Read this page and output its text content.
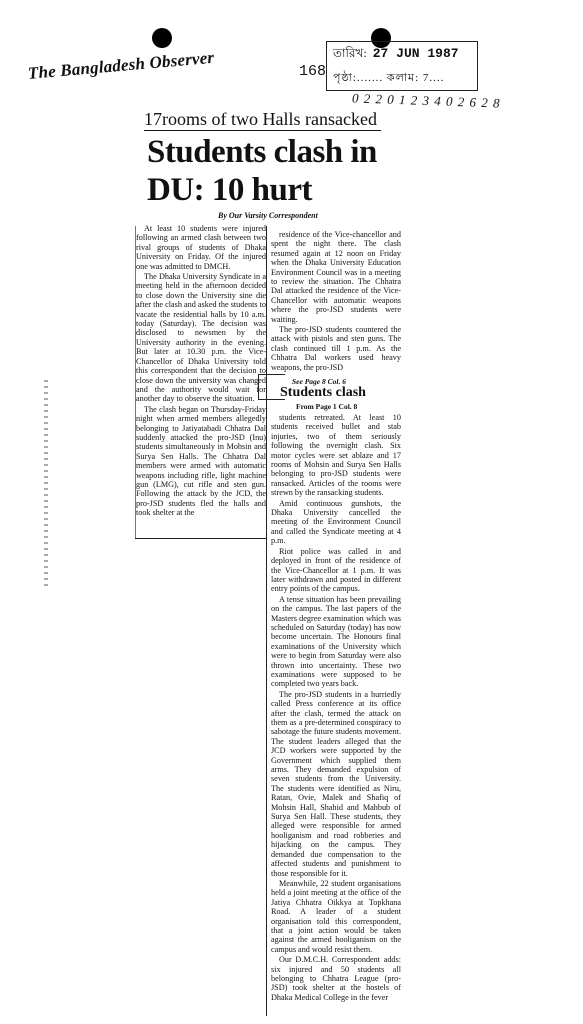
The Bangladesh Observer	168
তারিখ: 27 JUN 1987
পৃষ্ঠা:....... কলাম: 7....
0 2 2 0 1 2 3 4 0 2 6 2 8
17rooms of two Halls ransacked
Students clash in DU: 10 hurt
By Our Varsity Correspondent

At least 10 students were injured following an armed clash between two rival groups of students of Dhaka University on Friday. Of the injured one was admitted to DMCH.

The Dhaka University Syndicate in a meeting held in the afternoon decided to close down the University sine die after the clash and asked the students to vacate the residential halls by 10 a.m. today (Saturday). The decision was disclosed to newsmen by the University authority in the evening. But later at 10.30 p.m. the Vice-Chancellor of Dhaka University told this correspondent that the decision to close down the university was changed and the authority would wait for another day to observe the situation.

The clash began on Thursday-Friday night when armed members allegedly belonging to Jatiyatabadi Chhatra Dal suddenly attacked the pro-JSD (Inu) students simultaneously in Mohsin and Surya Sen Halls. The Chhatra Dal members were armed with automatic weapons including rifle, light machine gun (LMG), cut rifle and sten gun. Following the attack by the JCD, the pro-JSD students fled the halls and took shelter at the

residence of the Vice-chancellor and spent the night there. The clash resumed again at 12 noon on Friday when the Dhaka University Education Environment Council was in a meeting to review the situation. The Chhatra Dal attacked the residence of the Vice-Chancellor with automatic weapons where the pro-JSD students were waiting.

The pro-JSD students countered the attack with pistols and sten guns. The clash continued till 1 p.m. As the Chhatra Dal workers used heavy weapons, the pro-JSD

See Page 8 Col. 6
Students clash
From Page 1 Col. 8

students retreated. At least 10 students received bullet and stab injuries, two of them seriously following the overnight clash. Six motor cycles were set ablaze and 17 rooms of Mohsin and Surya Sen Halls belonging to pro-JSD students were ransacked. Articles of the rooms were strewn by the ransacking students.

Amid continuous gunshots, the Dhaka University cancelled the meeting of the Environment Council and called the Syndicate meeting at 4 p.m.

Riot police was called in and deployed in front of the residence of the Vice-Chancellor at 1 p.m. It was later withdrawn and posted in different entry points of the campus.

A tense situation has been prevailing on the campus. The last papers of the Masters degree examination which was scheduled on Saturday (today) has now become uncertain. The Honours final examinations of the University which were to begin from Saturday were also thrown into uncertainty. These two examinations were supposed to be completed two years back.

The pro-JSD students in a hurriedly called Press conference at its office after the clash, termed the attack on them as a pre-determined conspiracy to sabotage the future students movement. The student leaders alleged that the JCD workers were supported by the Government which supplied them arms. They demanded expulsion of seven students from the University. The students were identified as Niru, Ratan, Ovie, Malek and Shafiq of Mohsin Hall, Shahid and Mahbub of Surya Sen Hall. These students, they alleged were responsible for armed hooliganism and road robberies and hijacking on the campus. They demanded due compensation to the affected students and punishment to those responsible for it.

Meanwhile, 22 student organisations held a joint meeting at the office of the Jatiya Chhatra Oikkya at Topkhana Road. A leader of a student organisation told this correspondent, that a joint action would be taken against the armed hooliganism on the campus and would resist them.

Our D.M.C.H. Correspondent adds: six injured and 50 students all belonging to Chhatra League (pro-JSD) took shelter at the hostels of Dhaka Medical College in the fever
